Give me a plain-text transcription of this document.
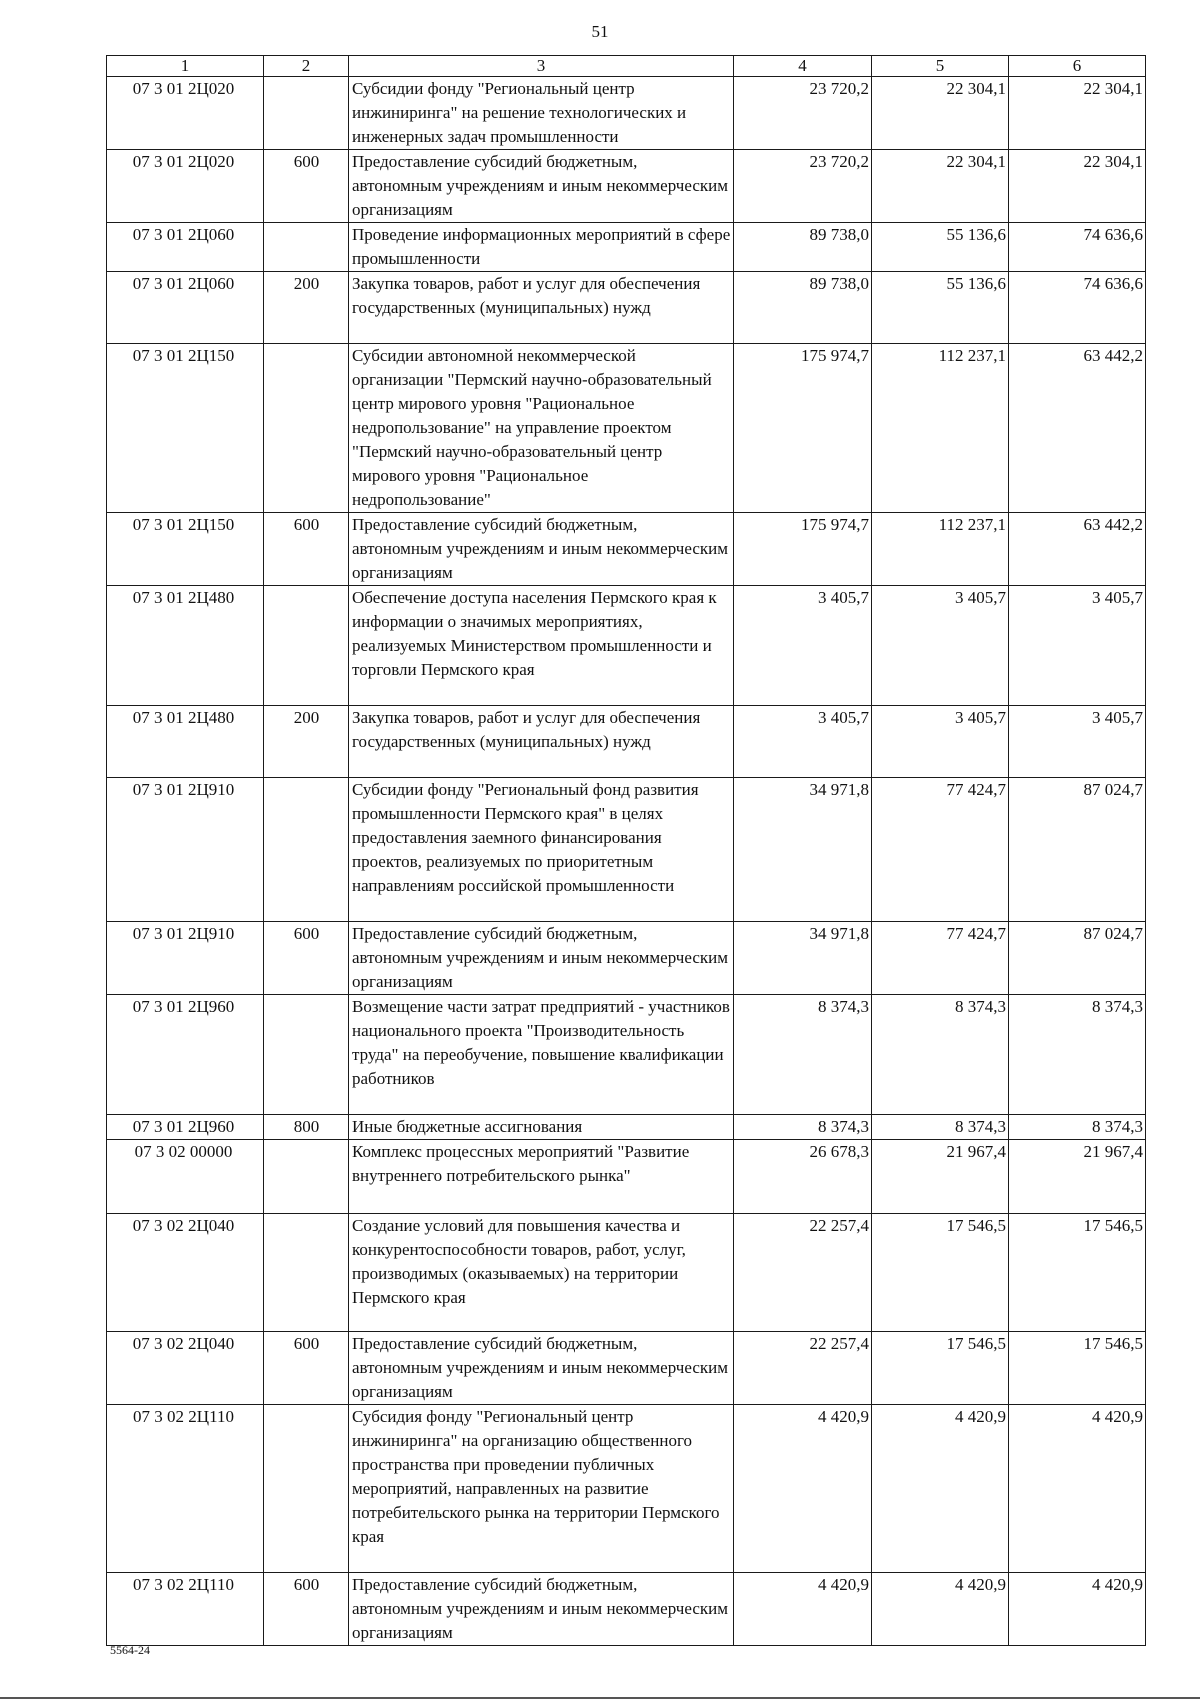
51
1	2	3	4	5	6
07 3 01 2Ц020		Субсидии фонду "Региональный центр инжиниринга" на решение технологических и инженерных задач промышленности	23 720,2	22 304,1	22 304,1
07 3 01 2Ц020	600	Предоставление субсидий бюджетным, автономным учреждениям и иным некоммерческим организациям	23 720,2	22 304,1	22 304,1
07 3 01 2Ц060		Проведение информационных мероприятий в сфере промышленности	89 738,0	55 136,6	74 636,6
07 3 01 2Ц060	200	Закупка товаров, работ и услуг для обеспечения государственных (муниципальных) нужд	89 738,0	55 136,6	74 636,6
07 3 01 2Ц150		Субсидии автономной некоммерческой организации "Пермский научно-образовательный центр мирового уровня "Рациональное недропользование" на управление проектом "Пермский научно-образовательный центр мирового уровня "Рациональное недропользование"	175 974,7	112 237,1	63 442,2
07 3 01 2Ц150	600	Предоставление субсидий бюджетным, автономным учреждениям и иным некоммерческим организациям	175 974,7	112 237,1	63 442,2
07 3 01 2Ц480		Обеспечение доступа населения Пермского края к информации о значимых мероприятиях, реализуемых Министерством промышленности и торговли Пермского края	3 405,7	3 405,7	3 405,7
07 3 01 2Ц480	200	Закупка товаров, работ и услуг для обеспечения государственных (муниципальных) нужд	3 405,7	3 405,7	3 405,7
07 3 01 2Ц910		Субсидии фонду "Региональный фонд развития промышленности Пермского края" в целях предоставления заемного финансирования проектов, реализуемых по приоритетным направлениям российской промышленности	34 971,8	77 424,7	87 024,7
07 3 01 2Ц910	600	Предоставление субсидий бюджетным, автономным учреждениям и иным некоммерческим организациям	34 971,8	77 424,7	87 024,7
07 3 01 2Ц960		Возмещение части затрат предприятий - участников национального проекта "Производительность труда" на переобучение, повышение квалификации работников	8 374,3	8 374,3	8 374,3
07 3 01 2Ц960	800	Иные бюджетные ассигнования	8 374,3	8 374,3	8 374,3
07 3 02 00000		Комплекс процессных мероприятий "Развитие внутреннего потребительского рынка"	26 678,3	21 967,4	21 967,4
07 3 02 2Ц040		Создание условий для повышения качества и конкурентоспособности товаров, работ, услуг, производимых (оказываемых) на территории Пермского края	22 257,4	17 546,5	17 546,5
07 3 02 2Ц040	600	Предоставление субсидий бюджетным, автономным учреждениям и иным некоммерческим организациям	22 257,4	17 546,5	17 546,5
07 3 02 2Ц110		Субсидия фонду "Региональный центр инжиниринга" на организацию общественного пространства при проведении публичных мероприятий, направленных на развитие потребительского рынка на территории Пермского края	4 420,9	4 420,9	4 420,9
07 3 02 2Ц110	600	Предоставление субсидий бюджетным, автономным учреждениям и иным некоммерческим организациям	4 420,9	4 420,9	4 420,9
5564-24
